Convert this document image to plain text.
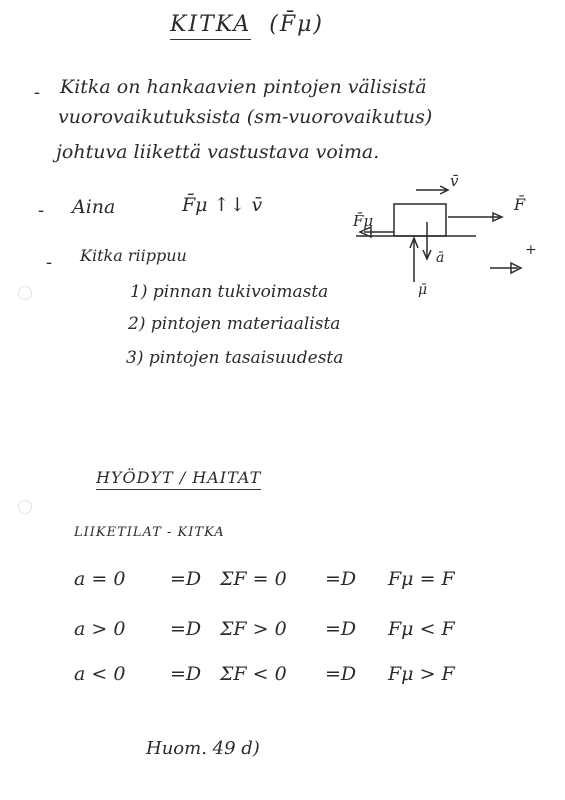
KITKA (F̄μ)
- Kitka on hankaavien pintojen välisistä
vuorovaikutuksista (sm-vuorovaikutus)
johtuva liikettä vastustava voima.
- Aina	F̄μ ↑↓ v̄
v̄
F̄
F̄μ
ā
μ̄
+
- Kitka riippuu
1) pinnan tukivoimasta
2) pintojen materiaalista
3) pintojen tasaisuudesta
HYÖDYT / HAITAT
LIIKETILAT - KITKA
a = 0 =D ΣF = 0 =D Fμ = F
a > 0 =D ΣF > 0 =D Fμ < F
a < 0 =D ΣF < 0 =D Fμ > F
Huom. 49 d)
